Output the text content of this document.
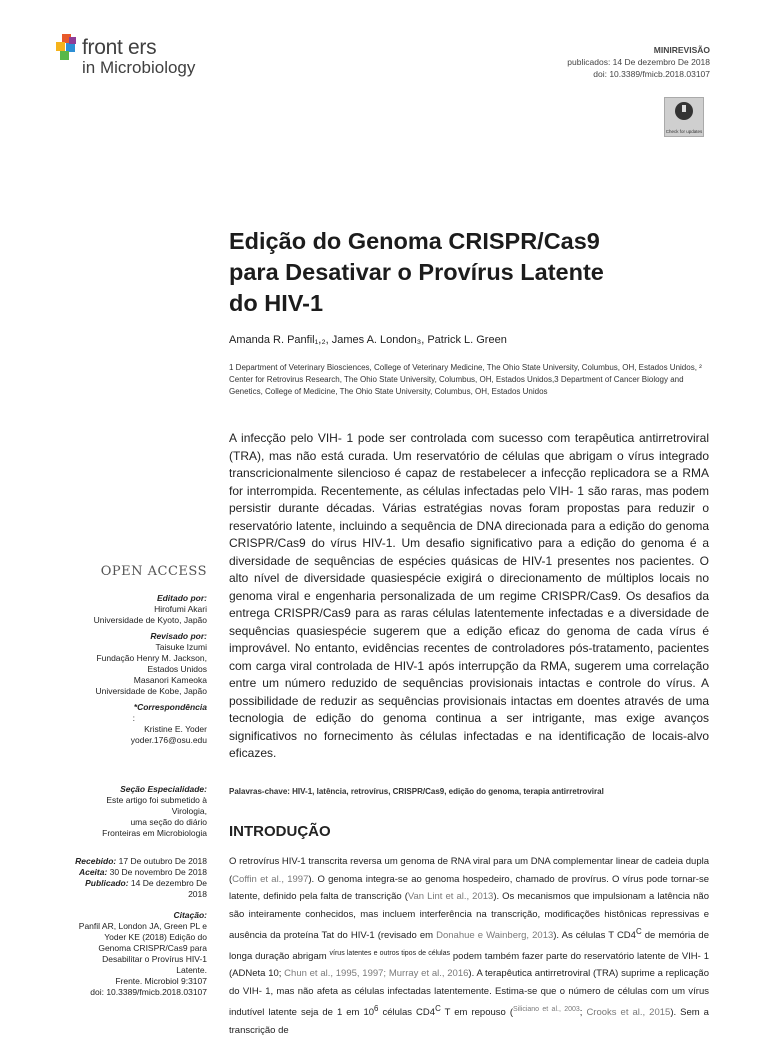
front ers
in Microbiology
MINIREVISÃO
publicados: 14 De dezembro De 2018
doi: 10.3389/fmicb.2018.03107
Check for updates
Edição do Genoma CRISPR/Cas9
para Desativar o Provírus Latente
do HIV-1
Amanda R. Panfil₁,₂, James A. London₃, Patrick L. Green
1 Department of Veterinary Biosciences, College of Veterinary Medicine, The Ohio State University, Columbus, OH, Estados Unidos, ² Center for Retrovirus Research, The Ohio State University, Columbus, OH, Estados Unidos,3 Department of Cancer Biology and Genetics, College of Medicine, The Ohio State University, Columbus, OH, Estados Unidos
A infecção pelo VIH- 1 pode ser controlada com sucesso com terapêutica antirretroviral (TRA), mas não está curada. Um reservatório de células que abrigam o vírus integrado transcricionalmente silencioso é capaz de restabelecer a infecção replicadora se a RMA for interrompida. Recentemente, as células infectadas pelo VIH- 1 são raras, mas podem persistir durante décadas. Várias estratégias novas foram propostas para reduzir o reservatório latente, incluindo a sequência de DNA direcionada para a edição do genoma CRISPR/Cas9 do vírus HIV-1. Um desafio significativo para a edição do genoma é a diversidade de sequências de espécies quásicas de HIV-1 presentes nos pacientes. O alto nível de diversidade quasiespécie exigirá o direcionamento de múltiplos locais no genoma viral e engenharia personalizada de um regime CRISPR/Cas9. Os desafios da entrega CRISPR/Cas9 para as raras células latentemente infectadas e a diversidade de sequências quasiespécie sugerem que a edição eficaz do genoma de cada vírus é improvável. No entanto, evidências recentes de controladores pós-tratamento, pacientes com carga viral controlada de HIV-1 após interrupção da RMA, sugerem uma correlação entre um número reduzido de sequências provisionais intactas e controle do vírus. A possibilidade de reduzir as sequências provisionais intactas em doentes através de uma tecnologia de edição do genoma continua a ser intrigante, mas exige avanços significativos no fornecimento às células infectadas e na identificação de locais-alvo eficazes.
Palavras-chave: HIV-1, latência, retrovírus, CRISPR/Cas9, edição do genoma, terapia antirretroviral
INTRODUÇÃO
O retrovírus HIV-1 transcrita reversa um genoma de RNA viral para um DNA complementar linear de cadeia dupla (Coffin et al., 1997). O genoma integra-se ao genoma hospedeiro, chamado de provírus. O vírus pode tornar-se latente, definido pela falta de transcrição (Van Lint et al., 2013). Os mecanismos que impulsionam a latência não são inteiramente conhecidos, mas incluem interferência na transcrição, modificações histônicas repressivas e ausência da proteína Tat do HIV-1 (revisado em Donahue e Wainberg, 2013). As células T $CD4^C$ de memória de longa duração abrigam $^{vírus latentes e outros tipos de células}$ podem também fazer parte do reservatório latente de VIH- 1 (ADNeta 10; Chun et al., 1995, 1997; Murray et al., 2016). A terapêutica antirretroviral (TRA) suprime a replicação do VIH- 1, mas não afeta as células infectadas latentemente. Estima-se que o número de células com um vírus indutível latente seja de 1 em $10^6$ células $CD4^C$ T em repouso ($^{Siliciano et al., 2003}$; Crooks et al., 2015). Sem a transcrição de
OPEN ACCESS
Editado por:
Hirofumi Akari
Universidade de Kyoto, Japão
Revisado por:
Taisuke Izumi
Fundação Henry M. Jackson,
Estados Unidos
Masanori Kameoka
Universidade de Kobe, Japão
*Correspondência
:
Kristine E. Yoder
yoder.176@osu.edu
Seção Especialidade:
Este artigo foi submetido à
Virologia,
uma seção do diário
Fronteiras em Microbiologia
Recebido: 17 De outubro De 2018
Aceita: 30 De novembro De 2018
Publicado: 14 De dezembro De
2018
Citação:
Panfil AR, London JA, Green PL e
Yoder KE (2018) Edição do
Genoma CRISPR/Cas9 para
Desabilitar o Provírus HIV-1
Latente.
Frente. Microbiol 9:3107
doi: 10.3389/fmicb.2018.03107
